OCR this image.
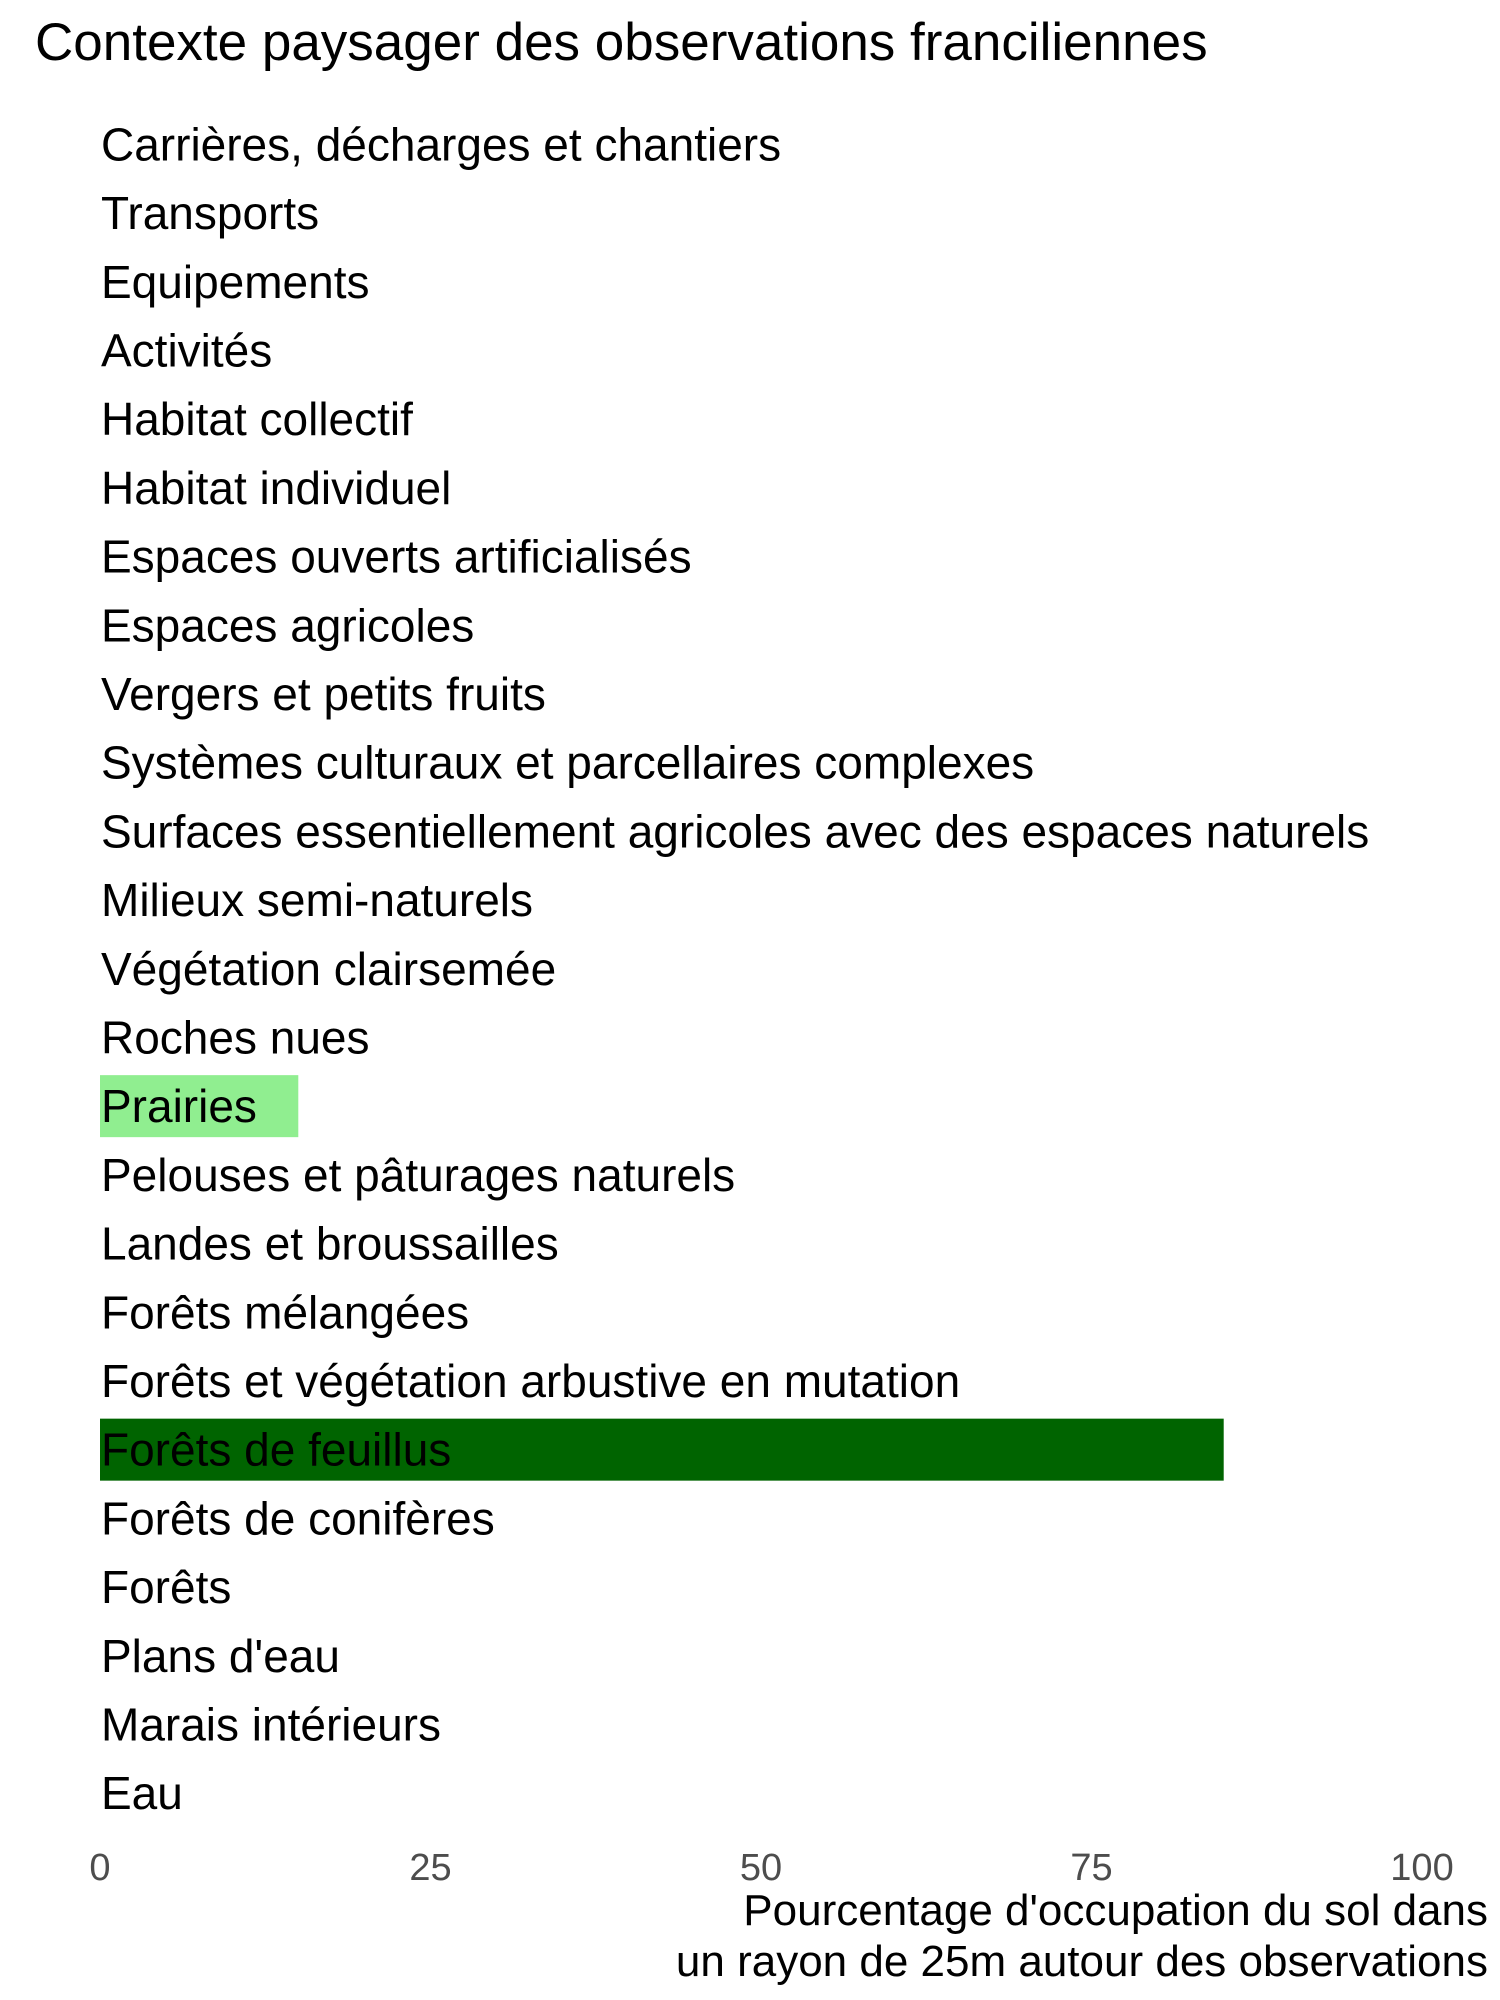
Contexte paysager des observations franciliennes
Carrières, décharges et chantiers
Transports
Equipements
Activités
Habitat collectif
Habitat individuel
Espaces ouverts artificialisés
Espaces agricoles
Vergers et petits fruits
Systèmes culturaux et parcellaires complexes
Surfaces essentiellement agricoles avec des espaces naturels
Milieux semi-naturels
Végétation clairsemée
Roches nues
Prairies
Pelouses et pâturages naturels
Landes et broussailles
Forêts mélangées
Forêts et végétation arbustive en mutation
Forêts de feuillus
Forêts de conifères
Forêts
Plans d'eau
Marais intérieurs
Eau
0	25	50	75	100
Pourcentage d'occupation du sol dans
un rayon de 25m autour des observations
